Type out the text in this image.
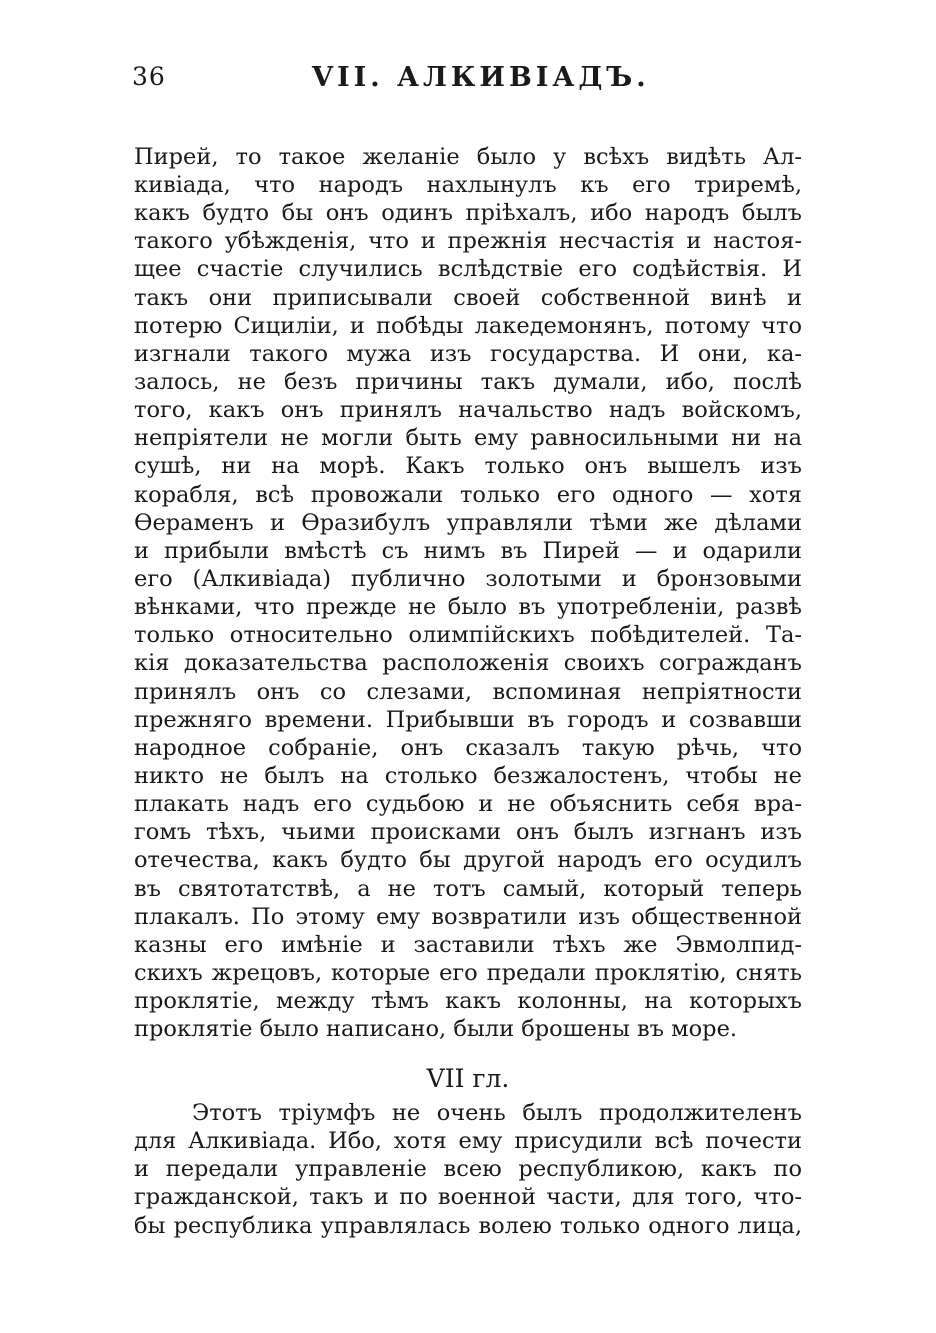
36	VII. АЛКИВІАДЪ.
Пирей, то такое желаніе было у всѣхъ видѣть Ал-
кивіада, что народъ нахлынулъ къ его триремѣ,
какъ будто бы онъ одинъ пріѣхалъ, ибо народъ былъ
такого убѣжденія, что и прежнія несчастія и настоя-
щее счастіе случились вслѣдствіе его содѣйствія. И
такъ они приписывали своей собственной винѣ и
потерю Сициліи, и побѣды лакедемонянъ, потому что
изгнали такого мужа изъ государства. И они, ка-
залось, не безъ причины такъ думали, ибо, послѣ
того, какъ онъ принялъ начальство надъ войскомъ,
непріятели не могли быть ему равносильными ни на
сушѣ, ни на морѣ. Какъ только онъ вышелъ изъ
корабля, всѣ провожали только его одного — хотя
Ѳераменъ и Ѳразибулъ управляли тѣми же дѣлами
и прибыли вмѣстѣ съ нимъ въ Пирей — и одарили
его (Алкивіада) публично золотыми и бронзовыми
вѣнками, что прежде не было въ употребленіи, развѣ
только относительно олимпійскихъ побѣдителей. Та-
кія доказательства расположенія своихъ согражданъ
принялъ онъ со слезами, вспоминая непріятности
прежняго времени. Прибывши въ городъ и созвавши
народное собраніе, онъ сказалъ такую рѣчь, что
никто не былъ на столько безжалостенъ, чтобы не
плакать надъ его судьбою и не объяснить себя вра-
гомъ тѣхъ, чьими происками онъ былъ изгнанъ изъ
отечества, какъ будто бы другой народъ его осудилъ
въ святотатствѣ, а не тотъ самый, который теперь
плакалъ. По этому ему возвратили изъ общественной
казны его имѣніе и заставили тѣхъ же Эвмолпид-
скихъ жрецовъ, которые его предали проклятію, снять
проклятіе, между тѣмъ какъ колонны, на которыхъ
проклятіе было написано, были брошены въ море.
VII гл.
Этотъ тріумфъ не очень былъ продолжителенъ
для Алкивіада. Ибо, хотя ему присудили всѣ почести
и передали управленіе всею республикою, какъ по
гражданской, такъ и по военной части, для того, что-
бы республика управлялась волею только одного лица,
